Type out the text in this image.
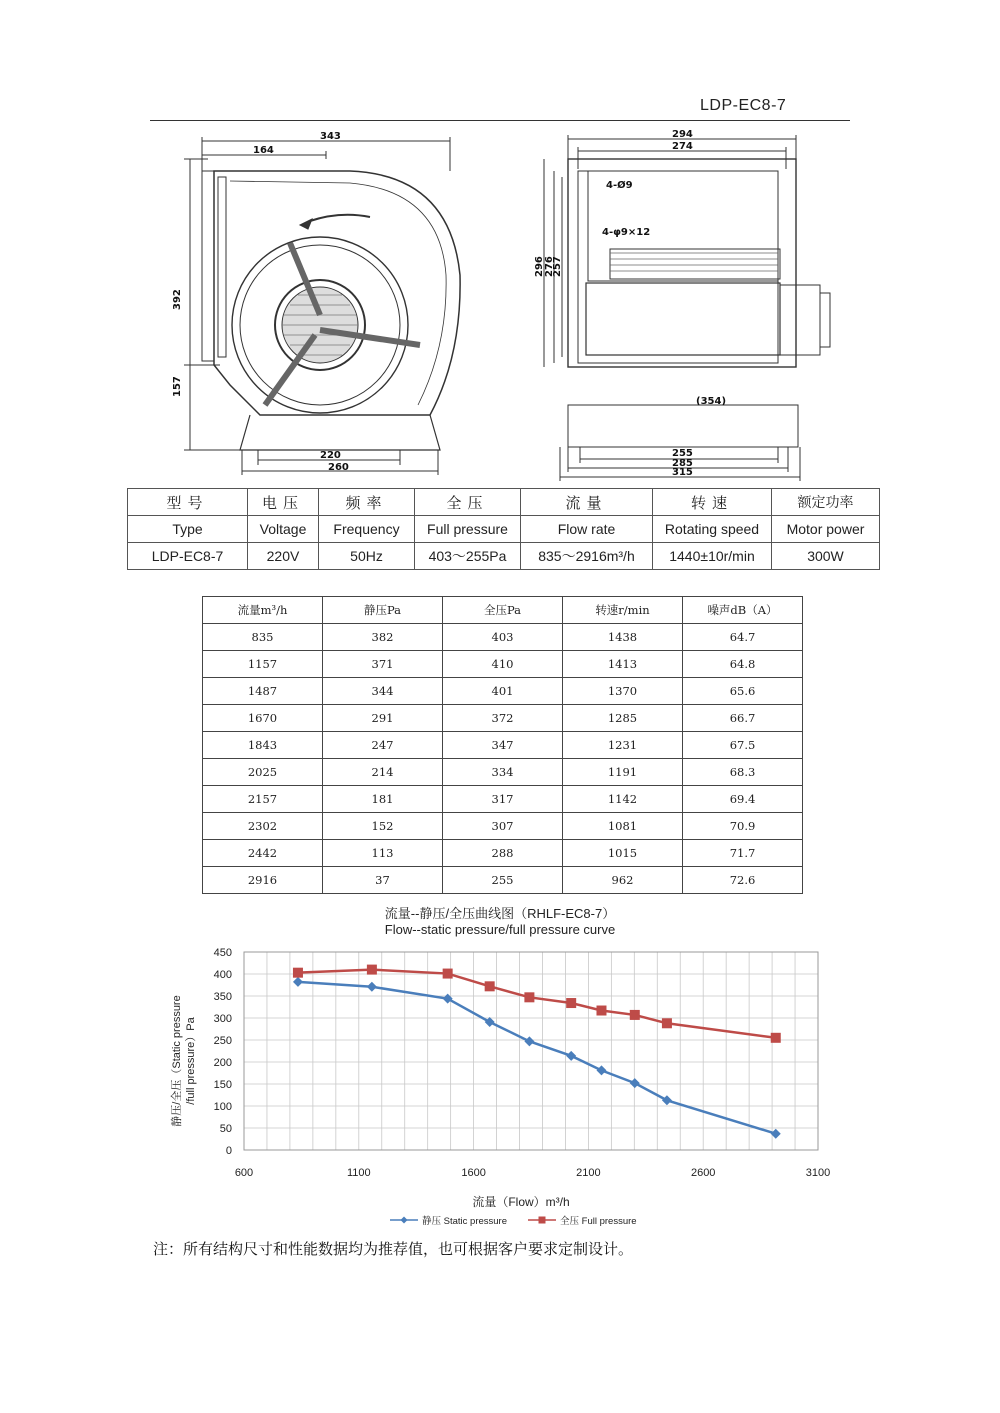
LDP-EC8-7
343
164
392
157
220
260
294
274
4-Ø9
4-φ9×12
296 276
257
(354)
255
285
315
型号	电压	频率	全压	流量	转速	额定功率
Type	Voltage	Frequency	Full pressure	Flow rate	Rotating speed	Motor power
LDP-EC8-7	220V	50Hz	403～255Pa	835～2916m³/h	1440±10r/min	300W
流量m³/h	静压Pa	全压Pa	转速r/min	噪声dB（A）
835	382	403	1438	64.7
1157	371	410	1413	64.8
1487	344	401	1370	65.6
1670	291	372	1285	66.7
1843	247	347	1231	67.5
2025	214	334	1191	68.3
2157	181	317	1142	69.4
2302	152	307	1081	70.9
2442	113	288	1015	71.7
2916	37	255	962	72.6
流量--静压/全压曲线图（RHLF-EC8-7）
Flow--static pressure/full pressure curve
0
50
100
150
200
250
300
350
400
450
600	1100	1600	2100	2600	3100
流量（Flow）m³/h
静压/全压（Static pressure /full pressure）Pa
静压 Static pressure	全压 Full pressure
注：所有结构尺寸和性能数据均为推荐值，也可根据客户要求定制设计。
